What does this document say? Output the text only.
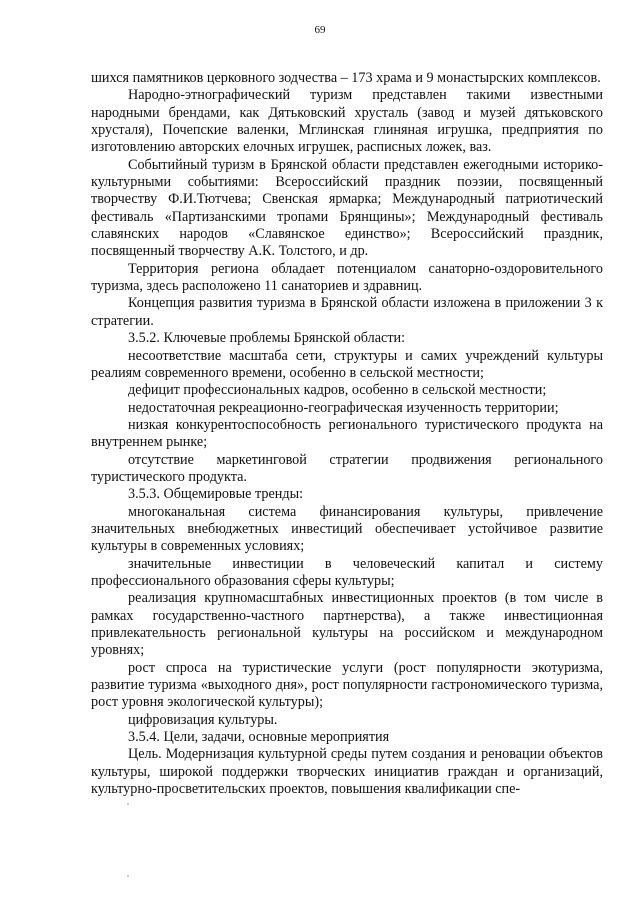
69

шихся памятников церковного зодчества – 173 храма и 9 монастырских комплексов.

Народно-этнографический туризм представлен такими известными народными брендами, как Дятьковский хрусталь (завод и музей дятьковского хрусталя), Почепские валенки, Мглинская глиняная игрушка, предприятия по изготовлению авторских елочных игрушек, расписных ложек, ваз.

Событийный туризм в Брянской области представлен ежегодными историко-культурными событиями: Всероссийский праздник поэзии, посвященный творчеству Ф.И.Тютчева; Свенская ярмарка; Международный патриотический фестиваль «Партизанскими тропами Брянщины»; Международный фестиваль славянских народов «Славянское единство»; Всероссийский праздник, посвященный творчеству А.К. Толстого, и др.

Территория региона обладает потенциалом санаторно-оздоровительного туризма, здесь расположено 11 санаториев и здравниц.

Концепция развития туризма в Брянской области изложена в приложении 3 к стратегии.

3.5.2. Ключевые проблемы Брянской области:

несоответствие масштаба сети, структуры и самих учреждений культуры реалиям современного времени, особенно в сельской местности;

дефицит профессиональных кадров, особенно в сельской местности;

недостаточная рекреационно-географическая изученность территории;

низкая конкурентоспособность регионального туристического продукта на внутреннем рынке;

отсутствие маркетинговой стратегии продвижения регионального туристического продукта.

3.5.3. Общемировые тренды:

многоканальная система финансирования культуры, привлечение значительных внебюджетных инвестиций обеспечивает устойчивое развитие культуры в современных условиях;

значительные инвестиции в человеческий капитал и систему профессионального образования сферы культуры;

реализация крупномасштабных инвестиционных проектов (в том числе в рамках государственно-частного партнерства), а также инвестиционная привлекательность региональной культуры на российском и международном уровнях;

рост спроса на туристические услуги (рост популярности экотуризма, развитие туризма «выходного дня», рост популярности гастрономического туризма, рост уровня экологической культуры);

цифровизация культуры.

3.5.4. Цели, задачи, основные мероприятия

Цель. Модернизация культурной среды путем создания и реновации объектов культуры, широкой поддержки творческих инициатив граждан и организаций, культурно-просветительских проектов, повышения квалификации спе-
